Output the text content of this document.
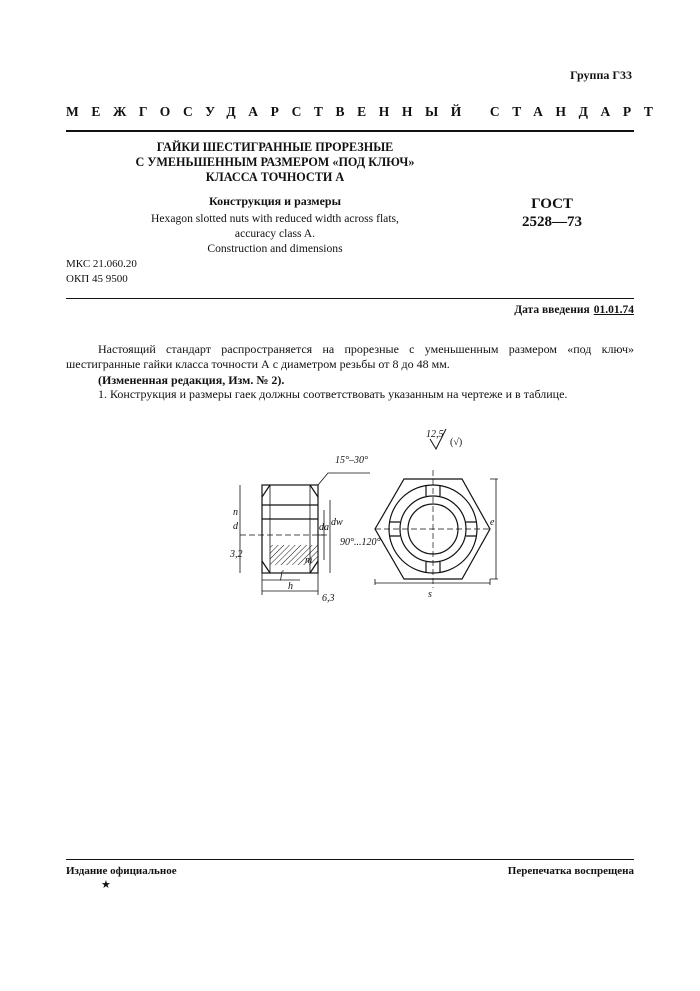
Группа Г33
МЕЖГОСУДАРСТВЕННЫЙ СТАНДАРТ
ГАЙКИ ШЕСТИГРАННЫЕ ПРОРЕЗНЫЕ
С УМЕНЬШЕННЫМ РАЗМЕРОМ «ПОД КЛЮЧ»
КЛАССА ТОЧНОСТИ А
Конструкция и размеры
Hexagon slotted nuts with reduced width across flats,
accuracy class A.
Construction and dimensions
ГОСТ
2528—73
МКС 21.060.20
ОКП 45 9500
Дата введения 01.01.74
Настоящий стандарт распространяется на прорезные с уменьшенным размером «под ключ» шестигранные гайки класса точности А с диаметром резьбы от 8 до 48 мм.
(Измененная редакция, Изм. № 2).
1. Конструкция и размеры гаек должны соответствовать указанным на чертеже и в таблице.
12,5
(√)
15°–30°
90°...120°
3,2
6,3
n
d	da dw
m
f
h
s
e
Издание официальное	Перепечатка воспрещена
★
